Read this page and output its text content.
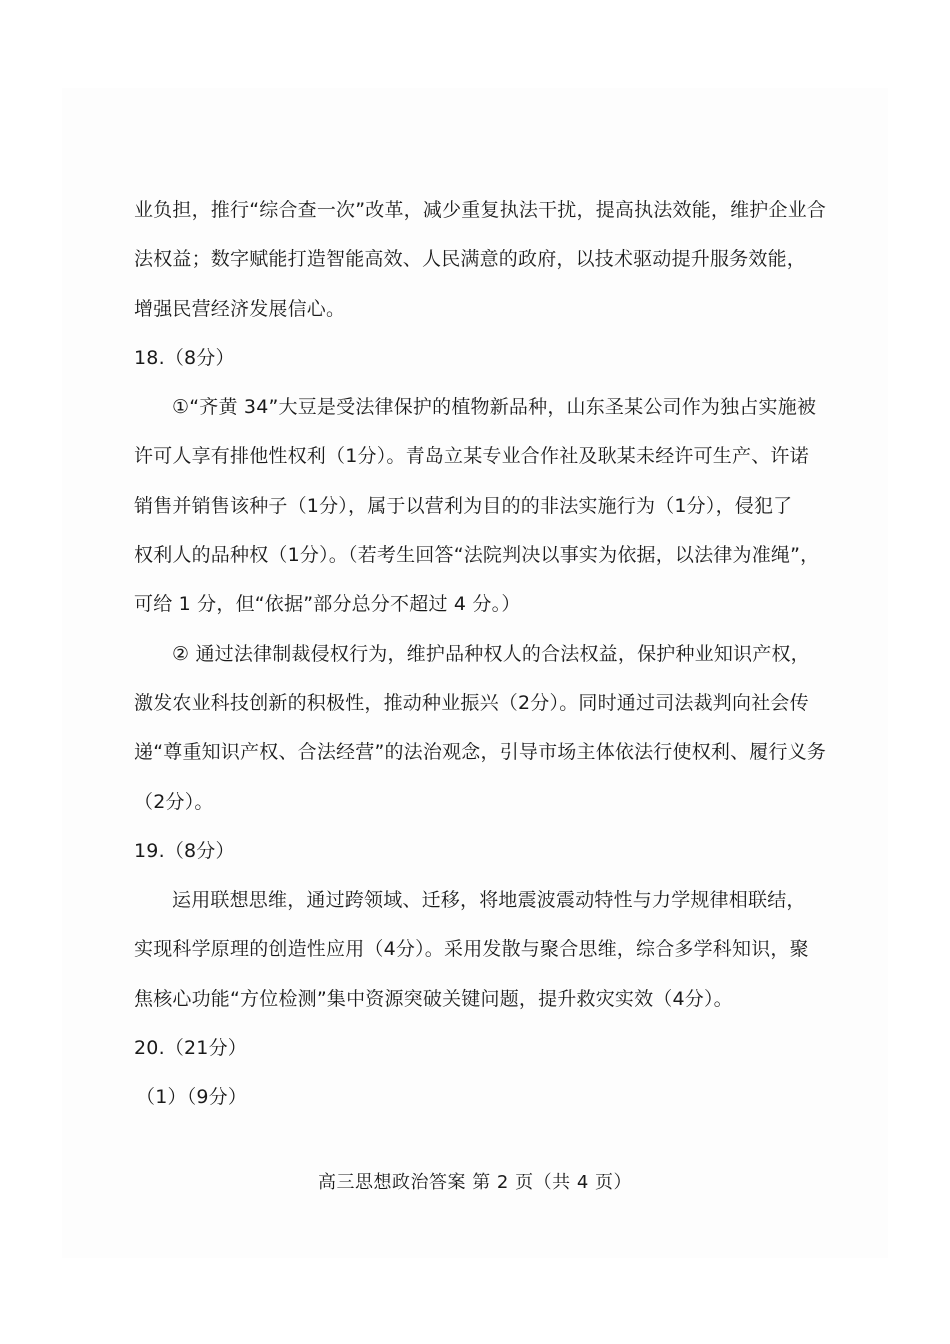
业负担，推行“综合查一次”改革，减少重复执法干扰，提高执法效能，维护企业合
法权益；数字赋能打造智能高效、人民满意的政府，以技术驱动提升服务效能，
增强民营经济发展信心。
18.（8分）
①“齐黄 34”大豆是受法律保护的植物新品种，山东圣某公司作为独占实施被
许可人享有排他性权利（1分）。青岛立某专业合作社及耿某未经许可生产、许诺
销售并销售该种子（1分），属于以营利为目的的非法实施行为（1分），侵犯了
权利人的品种权（1分）。（若考生回答“法院判决以事实为依据，以法律为准绳”，
可给 1 分，但“依据”部分总分不超过 4 分。）
② 通过法律制裁侵权行为，维护品种权人的合法权益，保护种业知识产权，
激发农业科技创新的积极性，推动种业振兴（2分）。同时通过司法裁判向社会传
递“尊重知识产权、合法经营”的法治观念，引导市场主体依法行使权利、履行义务
（2分）。
19.（8分）
运用联想思维，通过跨领域、迁移，将地震波震动特性与力学规律相联结，
实现科学原理的创造性应用（4分）。采用发散与聚合思维，综合多学科知识，聚
焦核心功能“方位检测”集中资源突破关键问题，提升救灾实效（4分）。
20.（21分）
（1）（9分）
高三思想政治答案 第 2 页（共 4 页）
